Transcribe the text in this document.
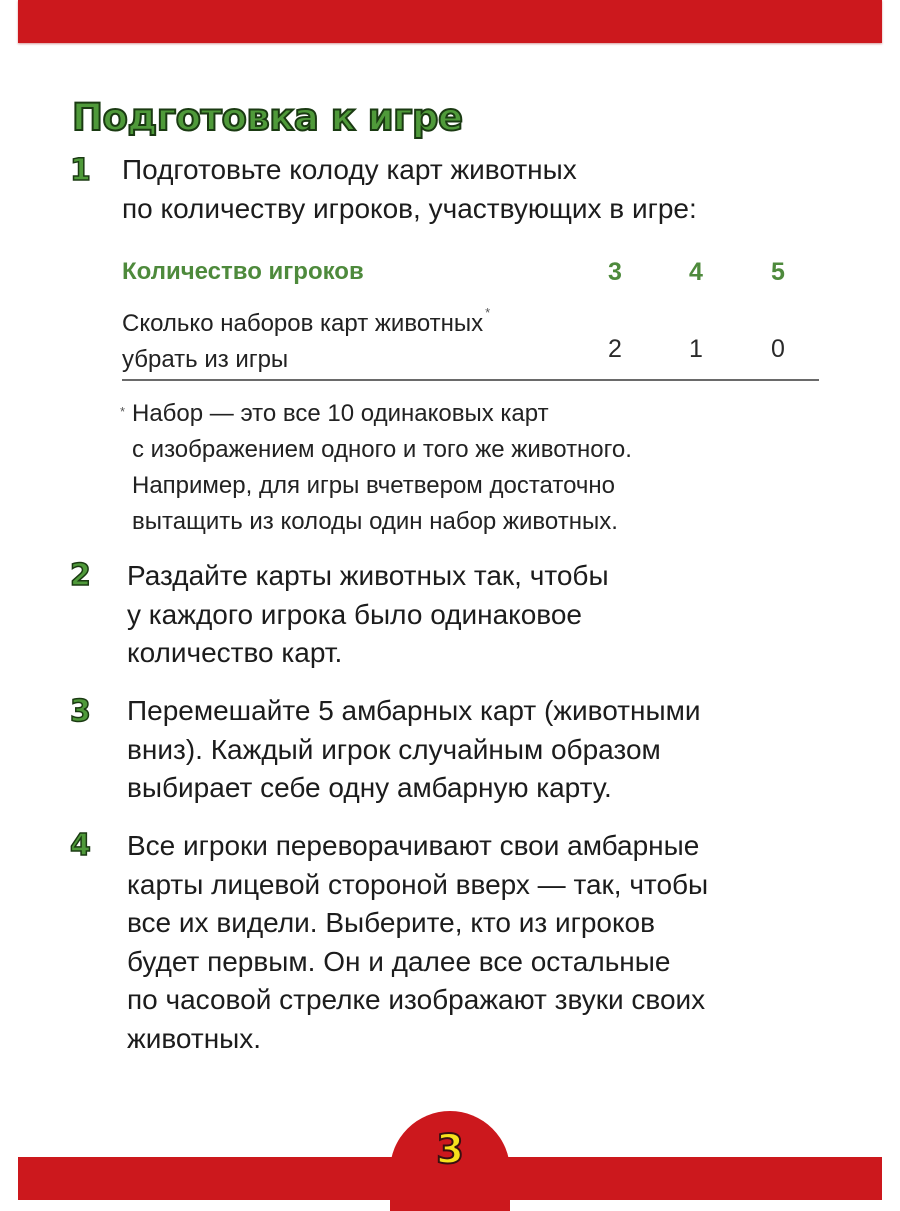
Подготовка к игре
1	Подготовьте колоду карт животных
по количеству игроков, участвующих в игре:
Количество игроков	3	4	5
Сколько наборов карт животных *
убрать из игры	2	1	0
* Набор — это все 10 одинаковых карт
с изображением одного и того же животного.
Например, для игры вчетвером достаточно
вытащить из колоды один набор животных.
2	Раздайте карты животных так, чтобы
у каждого игрока было одинаковое
количество карт.
3	Перемешайте 5 амбарных карт (животными
вниз). Каждый игрок случайным образом
выбирает себе одну амбарную карту.
4	Все игроки переворачивают свои амбарные
карты лицевой стороной вверх — так, чтобы
все их видели. Выберите, кто из игроков
будет первым. Он и далее все остальные
по часовой стрелке изображают звуки своих
животных.
3
